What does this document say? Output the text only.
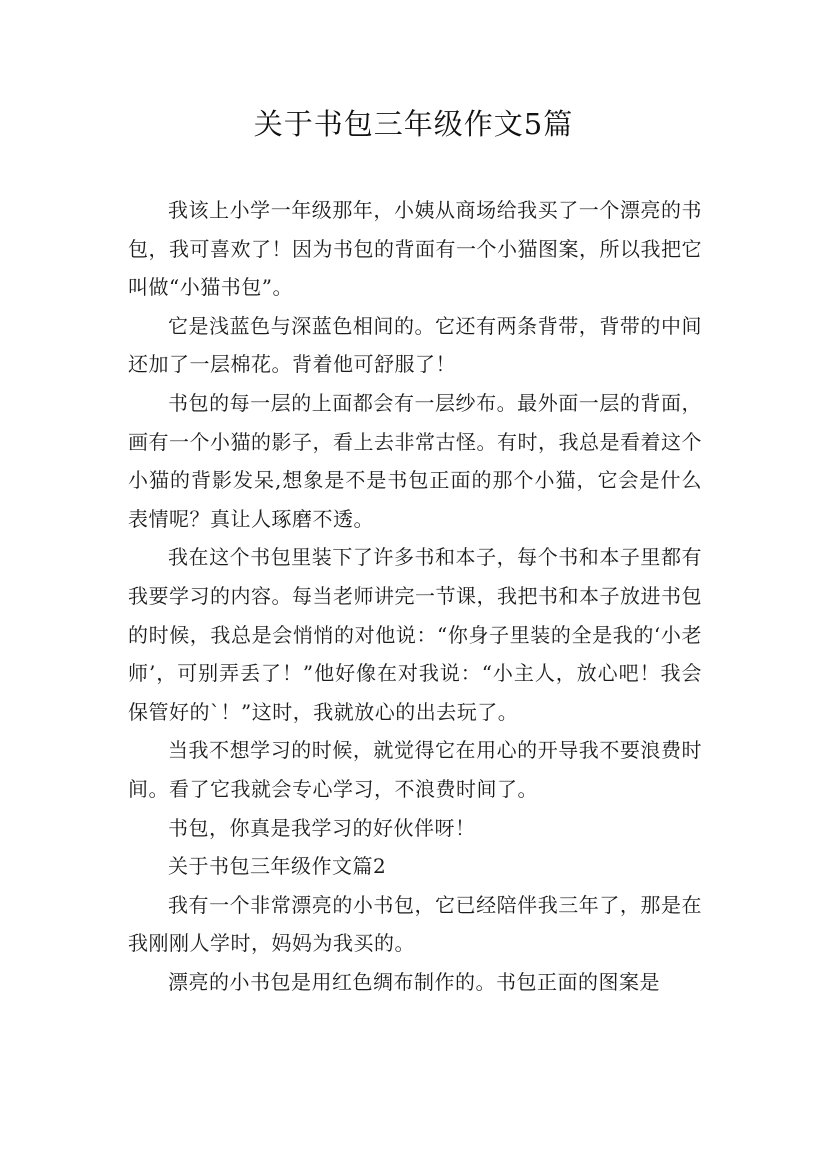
关于书包三年级作文5篇

我该上小学一年级那年，小姨从商场给我买了一个漂亮的书包，我可喜欢了！因为书包的背面有一个小猫图案，所以我把它叫做“小猫书包”。

它是浅蓝色与深蓝色相间的。它还有两条背带，背带的中间还加了一层棉花。背着他可舒服了！

书包的每一层的上面都会有一层纱布。最外面一层的背面，画有一个小猫的影子，看上去非常古怪。有时，我总是看着这个小猫的背影发呆,想象是不是书包正面的那个小猫，它会是什么表情呢？真让人琢磨不透。

我在这个书包里装下了许多书和本子，每个书和本子里都有我要学习的内容。每当老师讲完一节课，我把书和本子放进书包的时候，我总是会悄悄的对他说：“你身子里装的全是我的‘小老师’，可别弄丢了！”他好像在对我说：“小主人，放心吧！我会保管好的`！”这时，我就放心的出去玩了。

当我不想学习的时候，就觉得它在用心的开导我不要浪费时间。看了它我就会专心学习，不浪费时间了。

书包，你真是我学习的好伙伴呀！

关于书包三年级作文篇2

我有一个非常漂亮的小书包，它已经陪伴我三年了，那是在我刚刚人学时，妈妈为我买的。

漂亮的小书包是用红色绸布制作的。书包正面的图案是
